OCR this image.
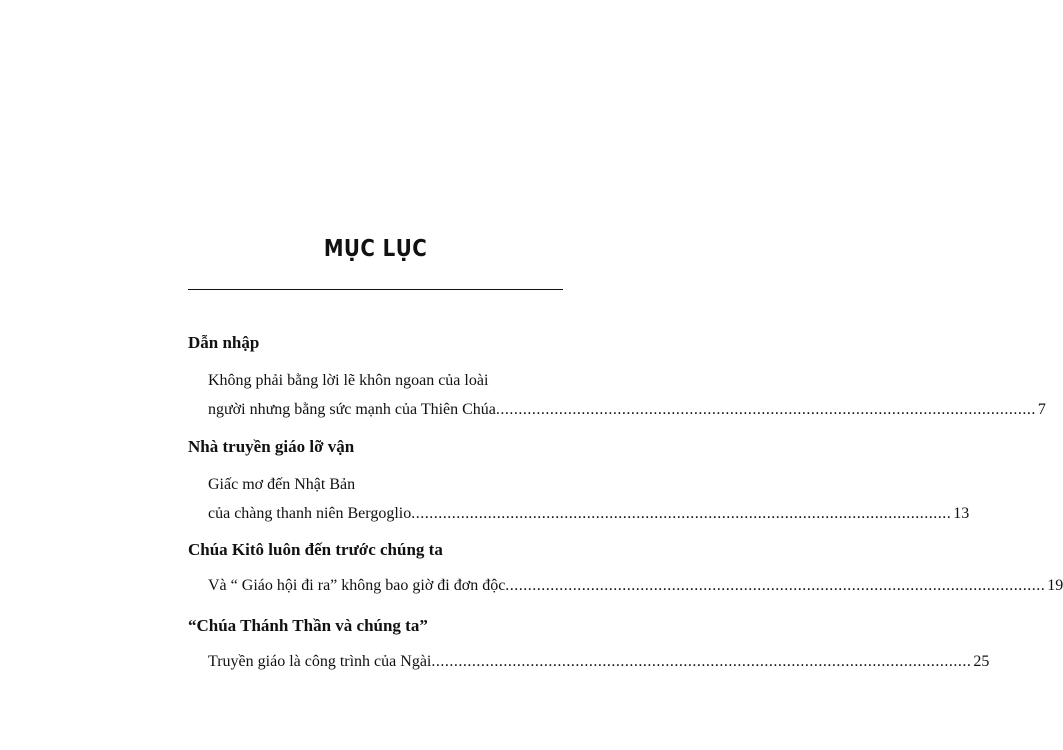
MỤC LỤC
Dẫn nhập
Không phải bằng lời lẽ khôn ngoan của loài
người nhưng bằng sức mạnh của Thiên Chúa ........................................................................................................................ 7
Nhà truyền giáo lỡ vận
Giấc mơ đến Nhật Bản
của chàng thanh niên Bergoglio ........................................................................................................................ 13
Chúa Kitô luôn đến trước chúng ta
Và “ Giáo hội đi ra” không bao giờ đi đơn độc ........................................................................................................................ 19
“Chúa Thánh Thần và chúng ta”
Truyền giáo là công trình của Ngài ........................................................................................................................ 25
